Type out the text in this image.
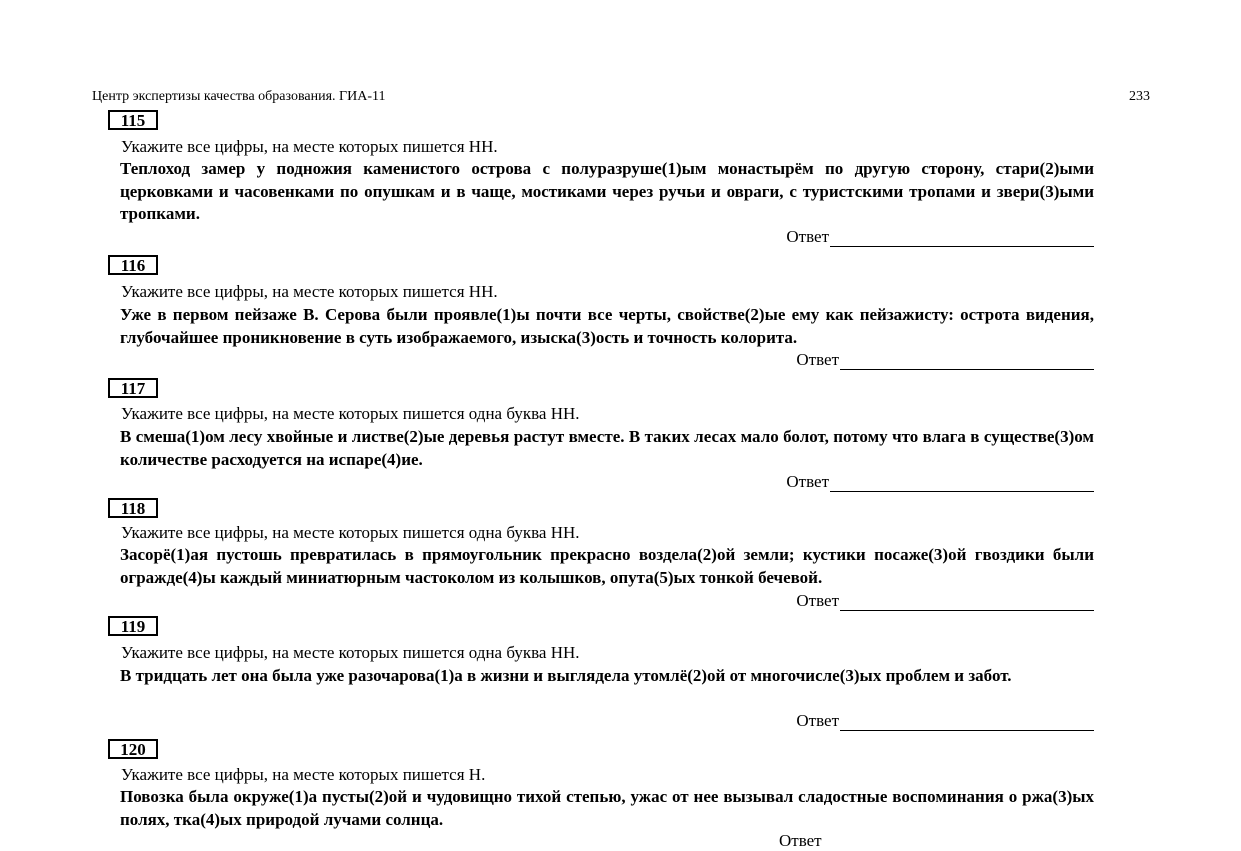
Центр экспертизы качества образования. ГИА-11	233
115
Укажите все цифры, на месте которых пишется НН.
Теплоход замер у подножия каменистого острова с полуразруше(1)ым монастырём по другую сторону, стари(2)ыми церковками и часовенками по опушкам и в чаще, мостиками через ручьи и овраги, с туристскими тропами и звери(3)ыми тропками.
Ответ
116
Укажите все цифры, на месте которых пишется НН.
Уже в первом пейзаже В. Серова были проявле(1)ы почти все черты, свойстве(2)ые ему как пейзажисту: острота видения, глубочайшее проникновение в суть изображаемого, изыска(3)ость и точность колорита.
Ответ
117
Укажите все цифры, на месте которых пишется одна буква НН.
В смеша(1)ом лесу хвойные и листве(2)ые деревья растут вместе. В таких лесах мало болот, потому что влага в существе(3)ом количестве расходуется на испаре(4)ие.
Ответ
118
Укажите все цифры, на месте которых пишется одна буква НН.
Засорё(1)ая пустошь превратилась в прямоугольник прекрасно воздела(2)ой земли; кустики посаже(3)ой гвоздики были огражде(4)ы каждый миниатюрным частоколом из колышков, опута(5)ых тонкой бечевой.
Ответ
119
Укажите все цифры, на месте которых пишется одна буква НН.
В тридцать лет она была уже разочарова(1)а в жизни и выглядела утомлё(2)ой от многочисле(3)ых проблем и забот.
Ответ
120
Укажите все цифры, на месте которых пишется Н.
Повозка была окруже(1)а пусты(2)ой и чудовищно тихой степью, ужас от нее вызывал сладостные воспоминания о ржа(3)ых полях, тка(4)ых природой лучами солнца.
Ответ
